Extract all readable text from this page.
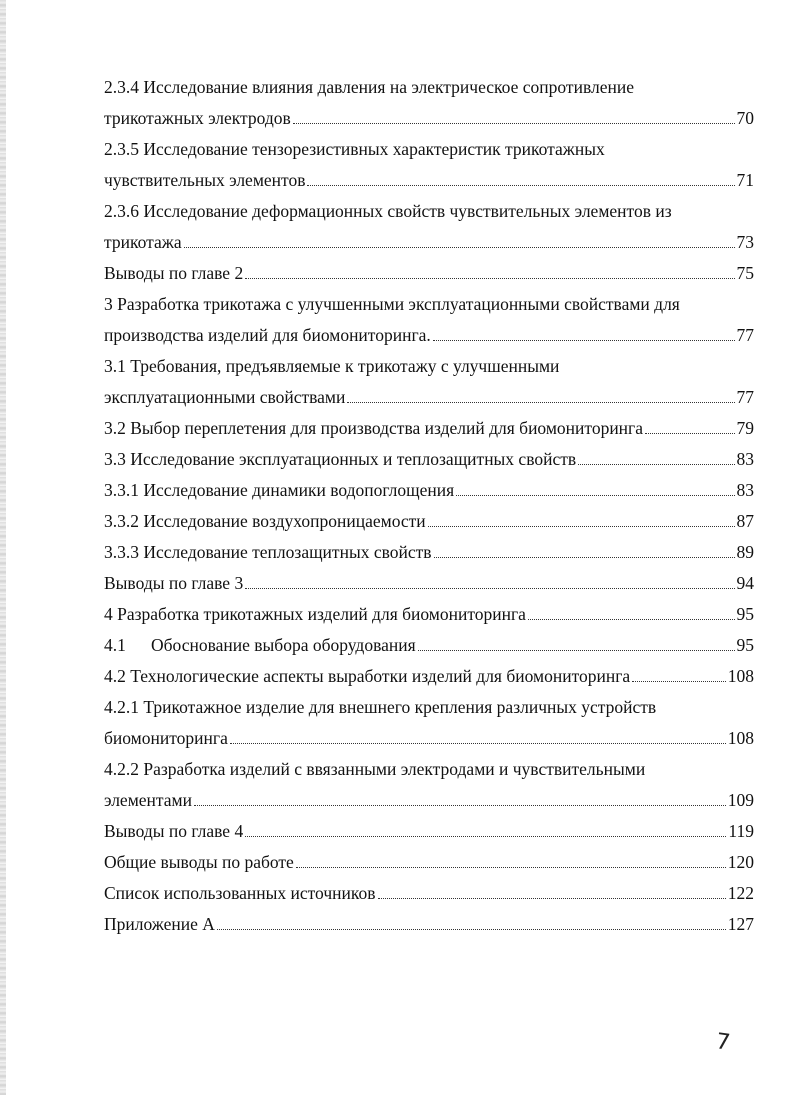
2.3.4 Исследование влияния давления на электрическое сопротивление
трикотажных электродов	70
2.3.5 Исследование тензорезистивных характеристик трикотажных
чувствительных элементов	71
2.3.6 Исследование деформационных свойств чувствительных элементов из
трикотажа	73
Выводы по главе 2	75
3 Разработка трикотажа с улучшенными эксплуатационными свойствами для
производства изделий для биомониторинга.	77
3.1 Требования, предъявляемые к трикотажу с улучшенными
эксплуатационными свойствами	77
3.2 Выбор переплетения для производства изделий для биомониторинга	79
3.3 Исследование эксплуатационных и теплозащитных свойств	83
3.3.1 Исследование динамики водопоглощения	83
3.3.2 Исследование воздухопроницаемости	87
3.3.3 Исследование теплозащитных свойств	89
Выводы по главе 3	94
4 Разработка трикотажных изделий для биомониторинга	95
4.1 Обоснование выбора оборудования	95
4.2 Технологические аспекты выработки изделий для биомониторинга	108
4.2.1 Трикотажное изделие для внешнего крепления различных устройств
биомониторинга	108
4.2.2 Разработка изделий с ввязанными электродами и чувствительными
элементами	109
Выводы по главе 4	119
Общие выводы по работе	120
Список использованных источников	122
Приложение А	127
7
